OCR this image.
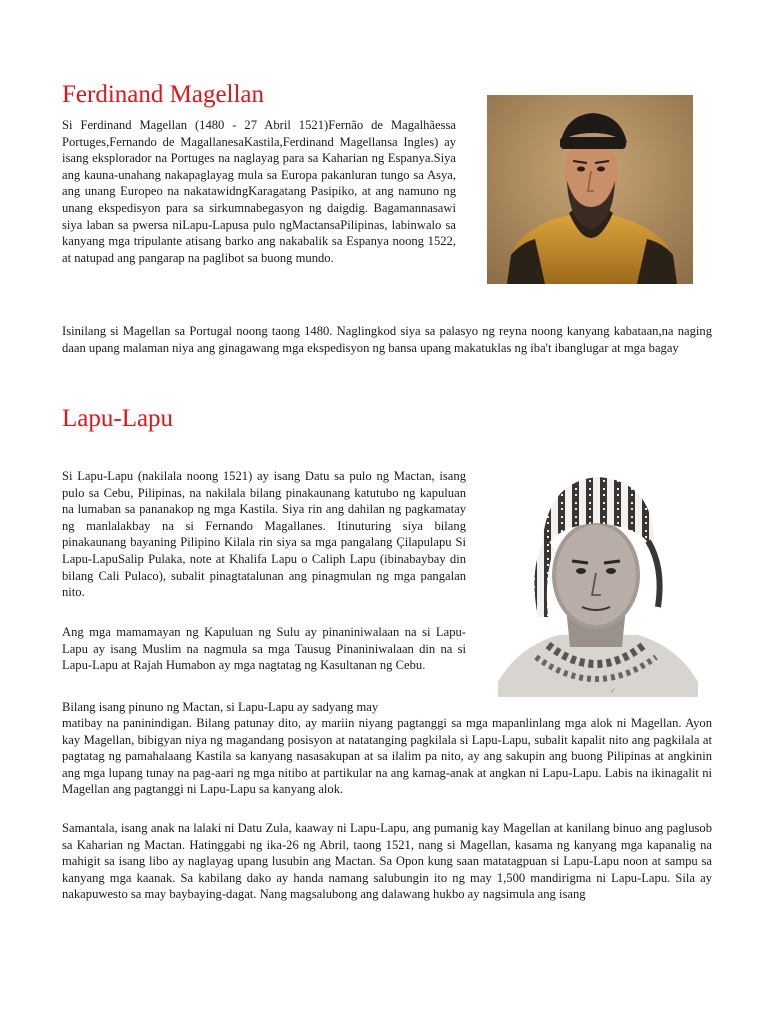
Ferdinand Magellan

Si Ferdinand Magellan (1480 - 27 Abril 1521)Fernão de Magalhãessa Portuges,Fernando de MagallanesaKastila,Ferdinand Magellansa Ingles) ay isang eksplorador na Portuges na naglayag para sa Kaharian ng Espanya.Siya ang kauna-unahang nakapaglayag mula sa Europa pakanluran tungo sa Asya, ang unang Europeo na nakatawidngKaragatang Pasipiko, at ang namuno ng unang ekspedisyon para sa sirkumnabegasyon ng daigdig. Bagamannasawi siya laban sa pwersa niLapu-Lapusa pulo ngMactansaPilipinas, labinwalo sa kanyang mga tripulante atisang barko ang nakabalik sa Espanya noong 1522, at natupad ang pangarap na paglibot sa buong mundo.

Isinilang si Magellan sa Portugal noong taong 1480. Naglingkod siya sa palasyo ng reyna noong kanyang kabataan,na naging daan upang malaman niya ang ginagawang mga ekspedisyon ng bansa upang makatuklas ng iba't ibanglugar at mga bagay

Lapu-Lapu

Si Lapu-Lapu (nakilala noong 1521) ay isang Datu sa pulo ng Mactan, isang pulo sa Cebu, Pilipinas, na nakilala bilang pinakaunang katutubo ng kapuluan na lumaban sa pananakop ng mga Kastila. Siya rin ang dahilan ng pagkamatay ng manlalakbay na si Fernando Magallanes. Itinuturing siya bilang pinakaunang bayaning Pilipino Kilala rin siya sa mga pangalang Çilapulapu Si Lapu-LapuSalip Pulaka, note at Khalifa Lapu o Caliph Lapu (ibinabaybay din bilang Cali Pulaco), subalit pinagtatalunan ang pinagmulan ng mga pangalan nito.

Ang mga mamamayan ng Kapuluan ng Sulu ay pinaniniwalaan na si Lapu-Lapu ay isang Muslim na nagmula sa mga Tausug Pinaniniwalaan din na si Lapu-Lapu at Rajah Humabon ay mga nagtatag ng Kasultanan ng Cebu.

✓

Bilang isang pinuno ng Mactan, si Lapu-Lapu ay sadyang may

matibay na paninindigan. Bilang patunay dito, ay mariin niyang pagtanggi sa mga mapanlinlang mga alok ni Magellan. Ayon kay Magellan, bibigyan niya ng magandang posisyon at natatanging pagkilala si Lapu-Lapu, subalit kapalit nito ang pagkilala at pagtatag ng pamahalaang Kastila sa kanyang nasasakupan at sa ilalim pa nito, ay ang sakupin ang buong Pilipinas at angkinin ang mga lupang tunay na pag-aari ng mga nitibo at partikular na ang kamag-anak at angkan ni Lapu-Lapu. Labis na ikinagalit ni Magellan ang pagtanggi ni Lapu-Lapu sa kanyang alok.

Samantala, isang anak na lalaki ni Datu Zula, kaaway ni Lapu-Lapu, ang pumanig kay Magellan at kanilang binuo ang paglusob sa Kaharian ng Mactan. Hatinggabi ng ika-26 ng Abril, taong 1521, nang si Magellan, kasama ng kanyang mga kapanalig na mahigit sa isang libo ay naglayag upang lusubin ang Mactan. Sa Opon kung saan matatagpuan si Lapu-Lapu noon at sampu sa kanyang mga kaanak. Sa kabilang dako ay handa namang salubungin ito ng may 1,500 mandirigma ni Lapu-Lapu. Sila ay nakapuwesto sa may baybaying-dagat. Nang magsalubong ang dalawang hukbo ay nagsimula ang isang
